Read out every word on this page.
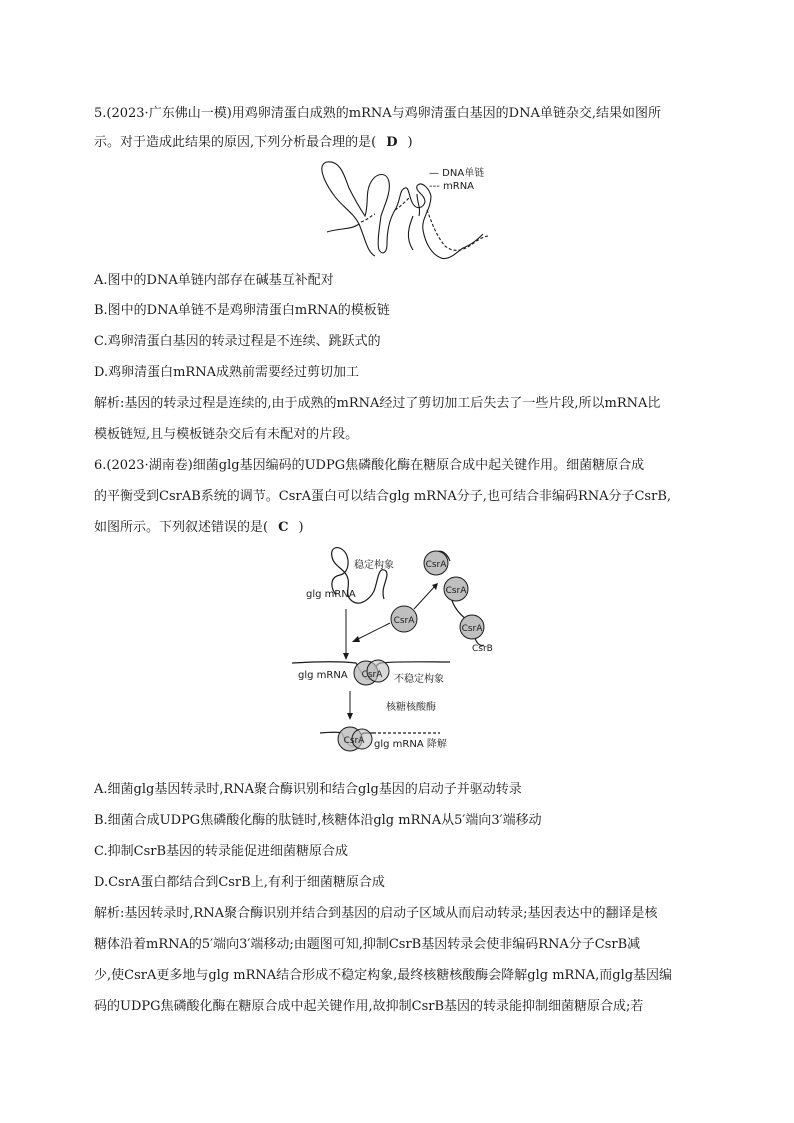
5.(2023·广东佛山一模)用鸡卵清蛋白成熟的mRNA与鸡卵清蛋白基因的DNA单链杂交,结果如图所
示。对于造成此结果的原因,下列分析最合理的是( D )
— DNA单链
--- mRNA
A.图中的DNA单链内部存在碱基互补配对
B.图中的DNA单链不是鸡卵清蛋白mRNA的模板链
C.鸡卵清蛋白基因的转录过程是不连续、跳跃式的
D.鸡卵清蛋白mRNA成熟前需要经过剪切加工
解析:基因的转录过程是连续的,由于成熟的mRNA经过了剪切加工后失去了一些片段,所以mRNA比
模板链短,且与模板链杂交后有未配对的片段。
6.(2023·湖南卷)细菌glg基因编码的UDPG焦磷酸化酶在糖原合成中起关键作用。细菌糖原合成
的平衡受到CsrAB系统的调节。CsrA蛋白可以结合glg mRNA分子,也可结合非编码RNA分子CsrB,
如图所示。下列叙述错误的是( C )
稳定构象
glg mRNA
CsrA
CsrA
CsrA
CsrB
CsrA
glg mRNA CsrA 不稳定构象
核糖核酸酶
CsrA glg mRNA 降解
A.细菌glg基因转录时,RNA聚合酶识别和结合glg基因的启动子并驱动转录
B.细菌合成UDPG焦磷酸化酶的肽链时,核糖体沿glg mRNA从5′端向3′端移动
C.抑制CsrB基因的转录能促进细菌糖原合成
D.CsrA蛋白都结合到CsrB上,有利于细菌糖原合成
解析:基因转录时,RNA聚合酶识别并结合到基因的启动子区域从而启动转录;基因表达中的翻译是核
糖体沿着mRNA的5′端向3′端移动;由题图可知,抑制CsrB基因转录会使非编码RNA分子CsrB减
少,使CsrA更多地与glg mRNA结合形成不稳定构象,最终核糖核酸酶会降解glg mRNA,而glg基因编
码的UDPG焦磷酸化酶在糖原合成中起关键作用,故抑制CsrB基因的转录能抑制细菌糖原合成;若
